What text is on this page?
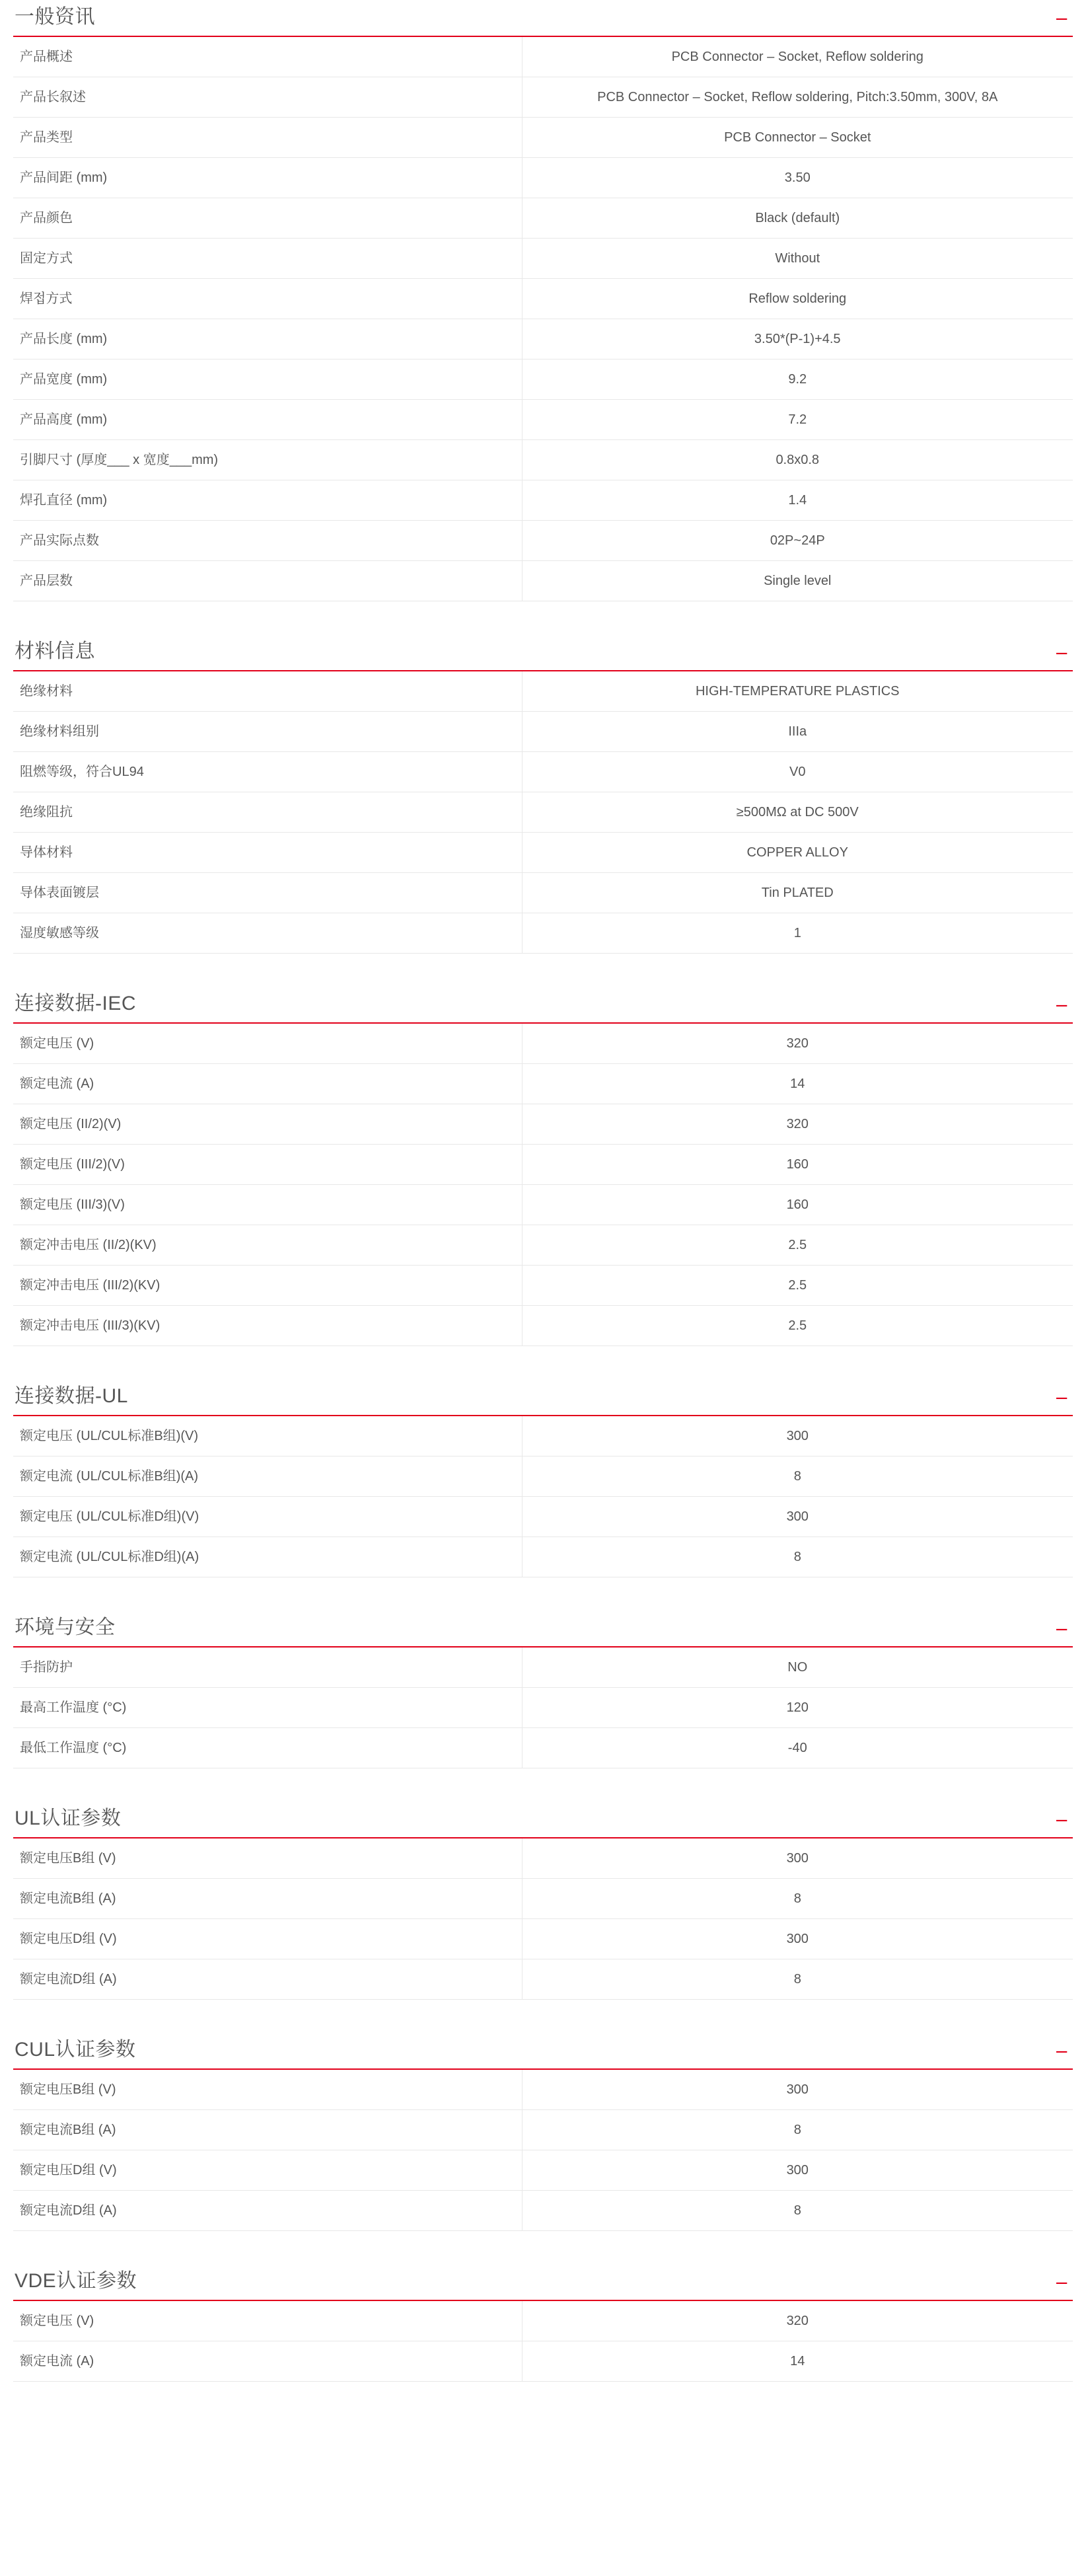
一般资讯	−
产品概述	PCB Connector – Socket, Reflow soldering
产品长叙述	PCB Connector – Socket, Reflow soldering, Pitch:3.50mm, 300V, 8A
产品类型	PCB Connector – Socket
产品间距 (mm)	3.50
产品颜色	Black (default)
固定方式	Without
焊접方式	Reflow soldering
产品长度 (mm)	3.50*(P-1)+4.5
产品宽度 (mm)	9.2
产品高度 (mm)	7.2
引脚尺寸 (厚度___ x 宽度___mm)	0.8x0.8
焊孔直径 (mm)	1.4
产品实际点数	02P~24P
产品层数	Single level
材料信息	−
绝缘材料	HIGH-TEMPERATURE PLASTICS
绝缘材料组别	IIIa
阻燃等级，符合UL94	V0
绝缘阻抗	≥500MΩ at DC 500V
导体材料	COPPER ALLOY
导体表面镀层	Tin PLATED
湿度敏感等级	1
连接数据-IEC	−
额定电压 (V)	320
额定电流 (A)	14
额定电压 (II/2)(V)	320
额定电压 (III/2)(V)	160
额定电压 (III/3)(V)	160
额定冲击电压 (II/2)(KV)	2.5
额定冲击电压 (III/2)(KV)	2.5
额定冲击电压 (III/3)(KV)	2.5
连接数据-UL	−
额定电压 (UL/CUL标准B组)(V)	300
额定电流 (UL/CUL标准B组)(A)	8
额定电压 (UL/CUL标准D组)(V)	300
额定电流 (UL/CUL标准D组)(A)	8
环境与安全	−
手指防护	NO
最高工作温度 (°C)	120
最低工作温度 (°C)	-40
UL认证参数	−
额定电压B组 (V)	300
额定电流B组 (A)	8
额定电压D组 (V)	300
额定电流D组 (A)	8
CUL认证参数	−
额定电压B组 (V)	300
额定电流B组 (A)	8
额定电压D组 (V)	300
额定电流D组 (A)	8
VDE认证参数	−
额定电压 (V)	320
额定电流 (A)	14
